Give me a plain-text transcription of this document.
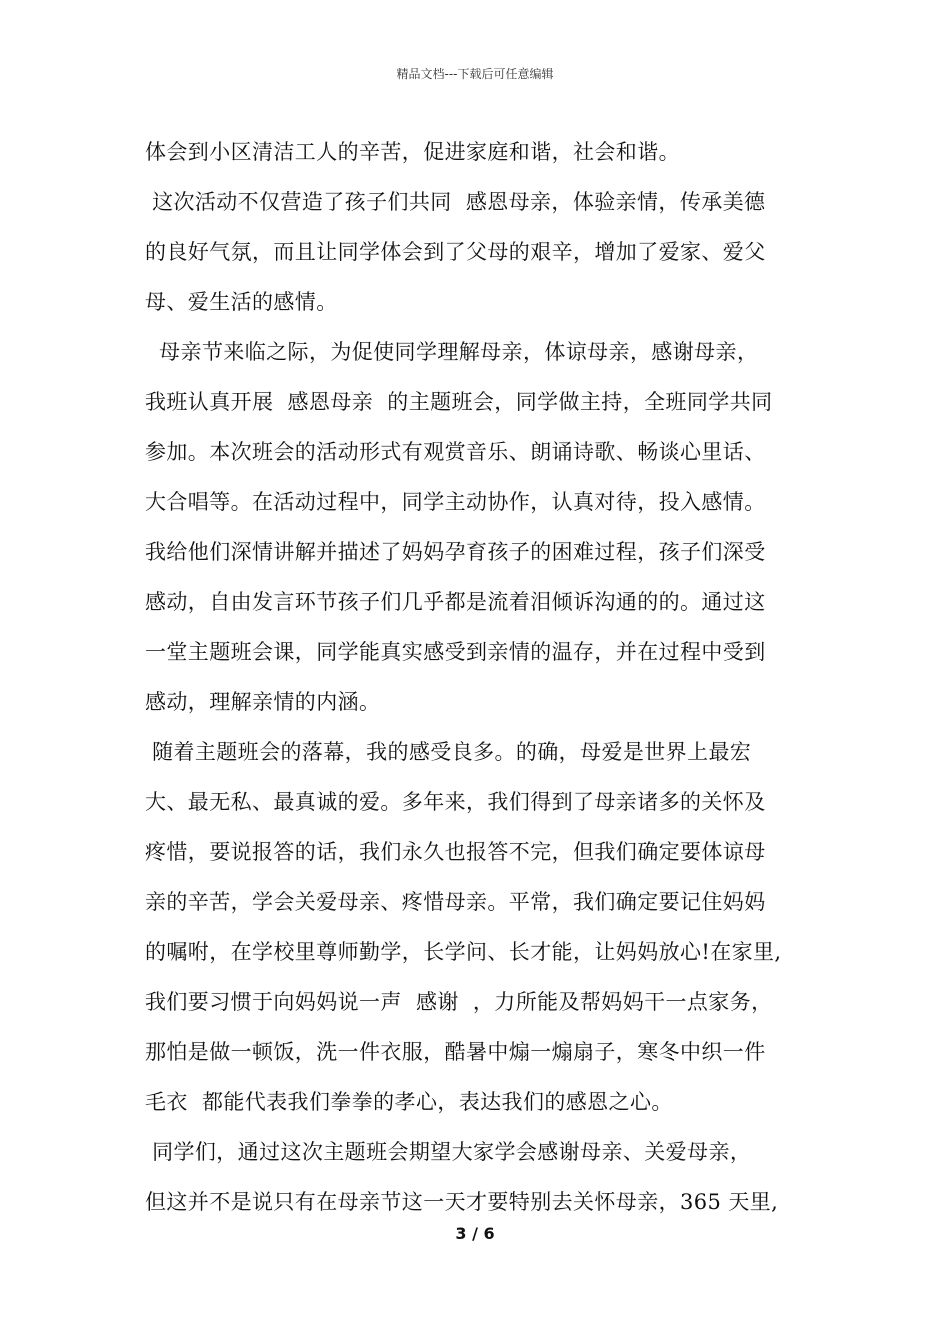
精品文档---下载后可任意编辑
体会到小区清洁工人的辛苦，促进家庭和谐，社会和谐。
这次活动不仅营造了孩子们共同  感恩母亲，体验亲情，传承美德
的良好气氛，而且让同学体会到了父母的艰辛，增加了爱家、爱父
母、爱生活的感情。
母亲节来临之际，为促使同学理解母亲，体谅母亲，感谢母亲，
我班认真开展  感恩母亲  的主题班会，同学做主持，全班同学共同
参加。本次班会的活动形式有观赏音乐、朗诵诗歌、畅谈心里话、
大合唱等。在活动过程中，同学主动协作，认真对待，投入感情。
我给他们深情讲解并描述了妈妈孕育孩子的困难过程，孩子们深受
感动，自由发言环节孩子们几乎都是流着泪倾诉沟通的的。通过这
一堂主题班会课，同学能真实感受到亲情的温存，并在过程中受到
感动，理解亲情的内涵。
随着主题班会的落幕，我的感受良多。的确，母爱是世界上最宏
大、最无私、最真诚的爱。多年来，我们得到了母亲诸多的关怀及
疼惜，要说报答的话，我们永久也报答不完，但我们确定要体谅母
亲的辛苦，学会关爱母亲、疼惜母亲。平常，我们确定要记住妈妈
的嘱咐，在学校里尊师勤学，长学问、长才能，让妈妈放心!在家里,
我们要习惯于向妈妈说一声  感谢  ，力所能及帮妈妈干一点家务，
那怕是做一顿饭，洗一件衣服，酷暑中煽一煽扇子，寒冬中织一件
毛衣  都能代表我们拳拳的孝心，表达我们的感恩之心。
同学们，通过这次主题班会期望大家学会感谢母亲、关爱母亲，
但这并不是说只有在母亲节这一天才要特别去关怀母亲，365 天里,
3 / 6
